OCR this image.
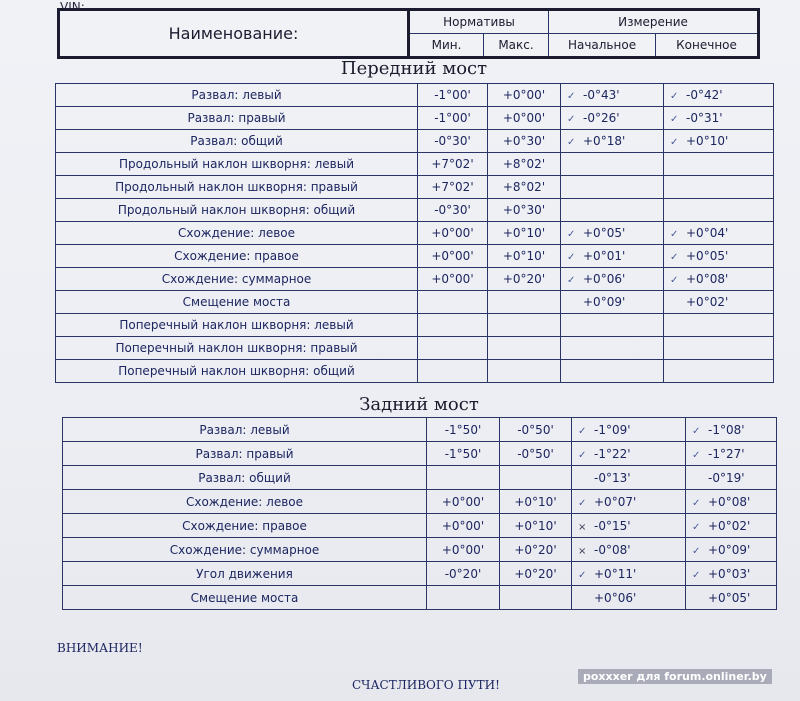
VIN:
Наименование:	Нормативы		Измерение	
	Мин.	Макс.	Начальное	Конечное
Передний мост
Развал: левый	-1°00'	+0°00'	✓ -0°43'	✓ -0°42'
Развал: правый	-1°00'	+0°00'	✓ -0°26'	✓ -0°31'
Развал: общий	-0°30'	+0°30'	✓ +0°18'	✓ +0°10'
Продольный наклон шкворня: левый	+7°02'	+8°02'		
Продольный наклон шкворня: правый	+7°02'	+8°02'		
Продольный наклон шкворня: общий	-0°30'	+0°30'		
Схождение: левое	+0°00'	+0°10'	✓ +0°05'	✓ +0°04'
Схождение: правое	+0°00'	+0°10'	✓ +0°01'	✓ +0°05'
Схождение: суммарное	+0°00'	+0°20'	✓ +0°06'	✓ +0°08'
Смещение моста			+0°09'	+0°02'
Поперечный наклон шкворня: левый				
Поперечный наклон шкворня: правый				
Поперечный наклон шкворня: общий				
Задний мост
Развал: левый	-1°50'	-0°50'	✓ -1°09'	✓ -1°08'
Развал: правый	-1°50'	-0°50'	✓ -1°22'	✓ -1°27'
Развал: общий			-0°13'	-0°19'
Схождение: левое	+0°00'	+0°10'	✓ +0°07'	✓ +0°08'
Схождение: правое	+0°00'	+0°10'	× -0°15'	✓ +0°02'
Схождение: суммарное	+0°00'	+0°20'	× -0°08'	✓ +0°09'
Угол движения	-0°20'	+0°20'	✓ +0°11'	✓ +0°03'
Смещение моста			+0°06'	+0°05'
ВНИМАНИЕ!
СЧАСТЛИВОГО ПУТИ!
poxxxer для forum.onliner.by
